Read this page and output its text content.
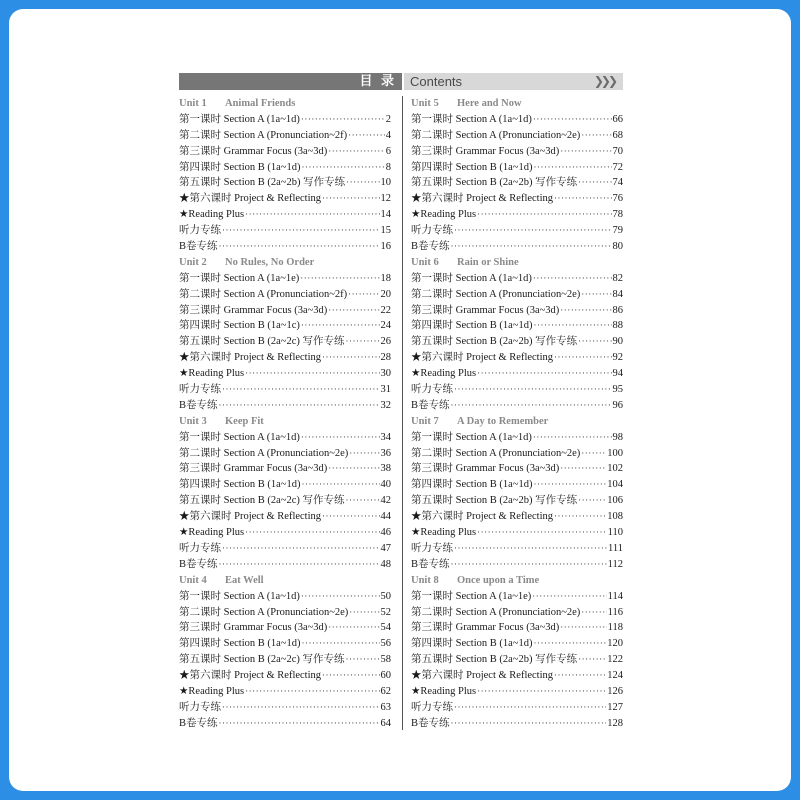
目 录	Contents	❯❯❯
Unit 1 Animal Friends
第一课时 Section A (1a~1d) ·····	2
第二课时 Section A (Pronunciation~2f) ·····	4
第三课时 Grammar Focus (3a~3d) ·····	6
第四课时 Section B (1a~1d) ·····	8
第五课时 Section B (2a~2b) 写作专练 ·····	10
★第六课时 Project & Reflecting ·····	12
★Reading Plus ·····	14
听力专练 ·····	15
B卷专练 ·····	16
Unit 2 No Rules, No Order
第一课时 Section A (1a~1e) ·····	18
第二课时 Section A (Pronunciation~2f) ·····	20
第三课时 Grammar Focus (3a~3d) ·····	22
第四课时 Section B (1a~1c) ·····	24
第五课时 Section B (2a~2c) 写作专练 ·····	26
★第六课时 Project & Reflecting ·····	28
★Reading Plus ·····	30
听力专练 ·····	31
B卷专练 ·····	32
Unit 3 Keep Fit
第一课时 Section A (1a~1d) ·····	34
第二课时 Section A (Pronunciation~2e) ·····	36
第三课时 Grammar Focus (3a~3d) ·····	38
第四课时 Section B (1a~1d) ·····	40
第五课时 Section B (2a~2c) 写作专练 ·····	42
★第六课时 Project & Reflecting ·····	44
★Reading Plus ·····	46
听力专练 ·····	47
B卷专练 ·····	48
Unit 4 Eat Well
第一课时 Section A (1a~1d) ·····	50
第二课时 Section A (Pronunciation~2e) ·····	52
第三课时 Grammar Focus (3a~3d) ·····	54
第四课时 Section B (1a~1d) ·····	56
第五课时 Section B (2a~2c) 写作专练 ·····	58
★第六课时 Project & Reflecting ·····	60
★Reading Plus ·····	62
听力专练 ·····	63
B卷专练 ·····	64
Unit 5 Here and Now
第一课时 Section A (1a~1d) ·····	66
第二课时 Section A (Pronunciation~2e) ·····	68
第三课时 Grammar Focus (3a~3d) ·····	70
第四课时 Section B (1a~1d) ·····	72
第五课时 Section B (2a~2b) 写作专练 ·····	74
★第六课时 Project & Reflecting ·····	76
★Reading Plus ·····	78
听力专练 ·····	79
B卷专练 ·····	80
Unit 6 Rain or Shine
第一课时 Section A (1a~1d) ·····	82
第二课时 Section A (Pronunciation~2e) ·····	84
第三课时 Grammar Focus (3a~3d) ·····	86
第四课时 Section B (1a~1d) ·····	88
第五课时 Section B (2a~2b) 写作专练 ·····	90
★第六课时 Project & Reflecting ·····	92
★Reading Plus ·····	94
听力专练 ·····	95
B卷专练 ·····	96
Unit 7 A Day to Remember
第一课时 Section A (1a~1d) ·····	98
第二课时 Section A (Pronunciation~2e) ·····	100
第三课时 Grammar Focus (3a~3d) ·····	102
第四课时 Section B (1a~1d) ·····	104
第五课时 Section B (2a~2b) 写作专练 ·····	106
★第六课时 Project & Reflecting ·····	108
★Reading Plus ·····	110
听力专练 ·····	111
B卷专练 ·····	112
Unit 8 Once upon a Time
第一课时 Section A (1a~1e) ·····	114
第二课时 Section A (Pronunciation~2e) ·····	116
第三课时 Grammar Focus (3a~3d) ·····	118
第四课时 Section B (1a~1d) ·····	120
第五课时 Section B (2a~2b) 写作专练 ·····	122
★第六课时 Project & Reflecting ·····	124
★Reading Plus ·····	126
听力专练 ·····	127
B卷专练 ·····	128
